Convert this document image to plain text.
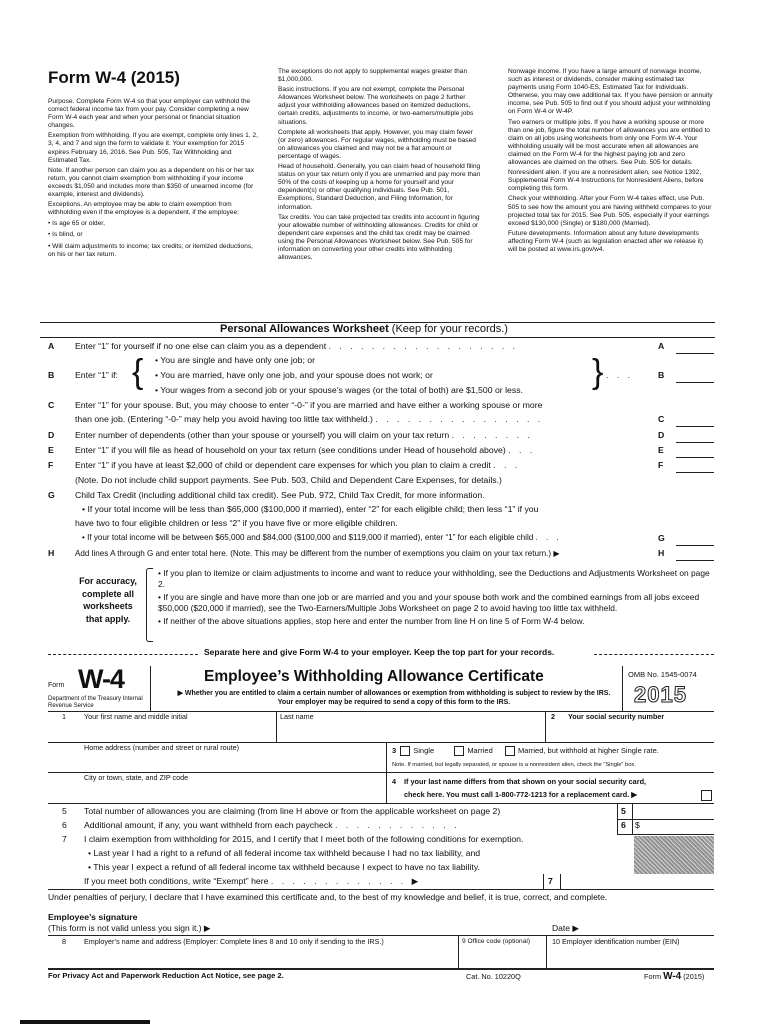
Form W-4 (2015)

Purpose. Complete Form W-4 so that your employer can withhold the correct federal income tax from your pay. Consider completing a new Form W-4 each year and when your personal or financial situation changes.

Exemption from withholding. If you are exempt, complete only lines 1, 2, 3, 4, and 7 and sign the form to validate it. Your exemption for 2015 expires February 16, 2016. See Pub. 505, Tax Withholding and Estimated Tax.

Note. If another person can claim you as a dependent on his or her tax return, you cannot claim exemption from withholding if your income exceeds $1,050 and includes more than $350 of unearned income (for example, interest and dividends).

Exceptions. An employee may be able to claim exemption from withholding even if the employee is a dependent, if the employee:

• Is age 65 or older,

• Is blind, or

• Will claim adjustments to income; tax credits; or itemized deductions, on his or her tax return.

The exceptions do not apply to supplemental wages greater than $1,000,000.

Basic instructions. If you are not exempt, complete the Personal Allowances Worksheet below. The worksheets on page 2 further adjust your withholding allowances based on itemized deductions, certain credits, adjustments to income, or two-earners/multiple jobs situations.

Complete all worksheets that apply. However, you may claim fewer (or zero) allowances. For regular wages, withholding must be based on allowances you claimed and may not be a flat amount or percentage of wages.

Head of household. Generally, you can claim head of household filing status on your tax return only if you are unmarried and pay more than 50% of the costs of keeping up a home for yourself and your dependent(s) or other qualifying individuals. See Pub. 501, Exemptions, Standard Deduction, and Filing Information, for information.

Tax credits. You can take projected tax credits into account in figuring your allowable number of withholding allowances. Credits for child or dependent care expenses and the child tax credit may be claimed using the Personal Allowances Worksheet below. See Pub. 505 for information on converting your other credits into withholding allowances.

Nonwage income. If you have a large amount of nonwage income, such as interest or dividends, consider making estimated tax payments using Form 1040-ES, Estimated Tax for Individuals. Otherwise, you may owe additional tax. If you have pension or annuity income, see Pub. 505 to find out if you should adjust your withholding on Form W-4 or W-4P.

Two earners or multiple jobs. If you have a working spouse or more than one job, figure the total number of allowances you are entitled to claim on all jobs using worksheets from only one Form W-4. Your withholding usually will be most accurate when all allowances are claimed on the Form W-4 for the highest paying job and zero allowances are claimed on the others. See Pub. 505 for details.

Nonresident alien. If you are a nonresident alien, see Notice 1392, Supplemental Form W-4 Instructions for Nonresident Aliens, before completing this form.

Check your withholding. After your Form W-4 takes effect, use Pub. 505 to see how the amount you are having withheld compares to your projected total tax for 2015. See Pub. 505, especially if your earnings exceed $130,000 (Single) or $180,000 (Married).

Future developments. Information about any future developments affecting Form W-4 (such as legislation enacted after we release it) will be posted at www.irs.gov/w4.

Personal Allowances Worksheet (Keep for your records.)
A Enter “1” for yourself if no one else can claim you as a dependent . . . . . . . . . . . . . . . . . .	A
B Enter “1” if: { • You are single and have only one job; or
• You are married, have only one job, and your spouse does not work; or
• Your wages from a second job or your spouse’s wages (or the total of both) are $1,500 or less. } . . .	B
C Enter “1” for your spouse. But, you may choose to enter “-0-” if you are married and have either a working spouse or more
than one job. (Entering “-0-” may help you avoid having too little tax withheld.) . . . . . . . . . . . . . . . .	C
D Enter number of dependents (other than your spouse or yourself) you will claim on your tax return . . . . . . . .	D
E Enter “1” if you will file as head of household on your tax return (see conditions under Head of household above) . . .	E
F Enter “1” if you have at least $2,000 of child or dependent care expenses for which you plan to claim a credit . . .	F
(Note. Do not include child support payments. See Pub. 503, Child and Dependent Care Expenses, for details.)
G Child Tax Credit (including additional child tax credit). See Pub. 972, Child Tax Credit, for more information.
• If your total income will be less than $65,000 ($100,000 if married), enter “2” for each eligible child; then less “1” if you
have two to four eligible children or less “2” if you have five or more eligible children.
• If your total income will be between $65,000 and $84,000 ($100,000 and $119,000 if married), enter “1” for each eligible child . . .	G
H	Add lines A through G and enter total here. (Note. This may be different from the number of exemptions you claim on your tax return.) ▶	H
For accuracy, complete all worksheets that apply.

• If you plan to itemize or claim adjustments to income and want to reduce your withholding, see the Deductions and Adjustments Worksheet on page 2.

• If you are single and have more than one job or are married and you and your spouse both work and the combined earnings from all jobs exceed $50,000 ($20,000 if married), see the Two-Earners/Multiple Jobs Worksheet on page 2 to avoid having too little tax withheld.

• If neither of the above situations applies, stop here and enter the number from line H on line 5 of Form W-4 below.

Separate here and give Form W-4 to your employer. Keep the top part for your records.
Form W-4
Department of the Treasury Internal Revenue Service
Employee’s Withholding Allowance Certificate
▶ Whether you are entitled to claim a certain number of allowances or exemption from withholding is subject to review by the IRS. Your employer may be required to send a copy of this form to the IRS.
OMB No. 1545-0074
2015
1	Your first name and middle initial	Last name	2 Your social security number
Home address (number and street or rural route)	3 Single	Married	Married, but withhold at higher Single rate.
Note. If married, but legally separated, or spouse is a nonresident alien, check the “Single” box.
City or town, state, and ZIP code	4 If your last name differs from that shown on your social security card,
check here. You must call 1-800-772-1213 for a replacement card. ▶
5 Total number of allowances you are claiming (from line H above or from the applicable worksheet on page 2)
6 Additional amount, if any, you want withheld from each paycheck . . . . . . . . . . . .
7 I claim exemption from withholding for 2015, and I certify that I meet both of the following conditions for exemption.
• Last year I had a right to a refund of all federal income tax withheld because I had no tax liability, and
• This year I expect a refund of all federal income tax withheld because I expect to have no tax liability.
If you meet both conditions, write “Exempt” here . . . . . . . . . . . . . ▶
5
6 $
7
Under penalties of perjury, I declare that I have examined this certificate and, to the best of my knowledge and belief, it is true, correct, and complete.
Employee’s signature
(This form is not valid unless you sign it.) ▶	Date ▶
8	Employer’s name and address (Employer: Complete lines 8 and 10 only if sending to the IRS.)	9 Office code (optional)	10 Employer identification number (EIN)
For Privacy Act and Paperwork Reduction Act Notice, see page 2.	Cat. No. 10220Q	Form W-4 (2015)
